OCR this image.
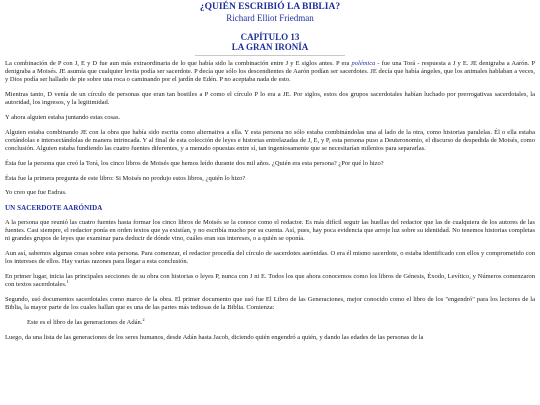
¿QUIÉN ESCRIBIÓ LA BIBLIA?
Richard Elliot Friedman
CAPÍTULO 13
LA GRAN IRONÍA

La combinación de P con J, E y D fue aun más extraordinaria de lo que había sido la combinación entre J y E siglos antes. P era polémica - fue una Torá - respuesta a J y E. JE denigraba a Aarón. P denigraba a Moisés. JE asumía que cualquier levita podía ser sacerdote. P decía que sólo los descendientes de Aarón podían ser sacerdotes. JE decía que había ángeles, que los animales hablaban a veces, y Dios podía ser hallado de pie sobre una roca o caminando por el jardín de Edén. P no aceptaba nada de esto.

Mientras tanto, D venía de un círculo de personas que eran tan hostiles a P como el círculo P lo era a JE. Por siglos, estos dos grupos sacerdotales habían luchado por prerrogativas sacerdotales, la autoridad, los ingresos, y la legitimidad.

Y ahora alguien estaba juntando estas cosas.

Alguien estaba combinando JE con la obra que había sido escrita como alternativa a ella. Y esta persona no sólo estaba combinándolas una al lado de la otra, como historias paralelas. Él o ella estaba cortándolas e intersectándolas de manera intrincada. Y al final de esta colección de leyes e historias entrelazadas de J, E, y P, esta persona puso a Deuteronomio, el discurso de despedida de Moisés, como conclusión. Alguien estaba fundiendo las cuatro fuentes diferentes, y a menudo opuestas entre sí, tan ingeniosamente que se necesitarían milenios para separarlas.

Ésta fue la persona que creó la Torá, los cinco libros de Moisés que hemos leído durante dos mil años. ¿Quién era esta persona? ¿Por qué lo hizo?

Ésta fue la primera pregunta de este libro: Si Moisés no produjo estos libros, ¿quién lo hizo?

Yo creo que fue Esdras.

UN SACERDOTE AARÓNIDA

A la persona que reunió las cuatro fuentes hasta formar los cinco libros de Moisés se la conoce como el redactor. Es más difícil seguir las huellas del redactor que las de cualquiera de los autores de las fuentes. Casi siempre, el redactor ponía en orden textos que ya existían, y no escribía mucho por su cuenta. Así, pues, hay poca evidencia que arroje luz sobre su identidad. No tenemos historias completas ni grandes grupos de leyes que examinar para deducir de dónde vino, cuáles eran sus intereses, o a quién se oponía.

Aun así, sabemos algunas cosas sobre esta persona. Para comenzar, el redactor procedía del círculo de sacerdotes aarónidas. O era él mismo sacerdote, o estaba identificado con ellos y comprometido con los intereses de ellos. Hay varias razones para llegar a esta conclusión.

En primer lugar, inicia las principales secciones de su obra con historias o leyes P, nunca con J ni E. Todos los que ahora conocemos como los libros de Génesis, Éxodo, Levítico, y Números comenzaron con textos sacerdotales.$^1$

Segundo, usó documentos sacerdotales como marco de la obra. El primer documento que usó fue El Libro de las Generaciones, mejor conocido como el libro de los "engendró" para los lectores de la Biblia, la mayor parte de los cuales hallan que es una de las partes más tediosas de la Biblia. Comienza:

Este es el libro de las generaciones de Adán.$^2$

Luego, da una lista de las generaciones de los seres humanos, desde Adán hasta Jacob, diciendo quién engendró a quién, y dando las edades de las personas de la
